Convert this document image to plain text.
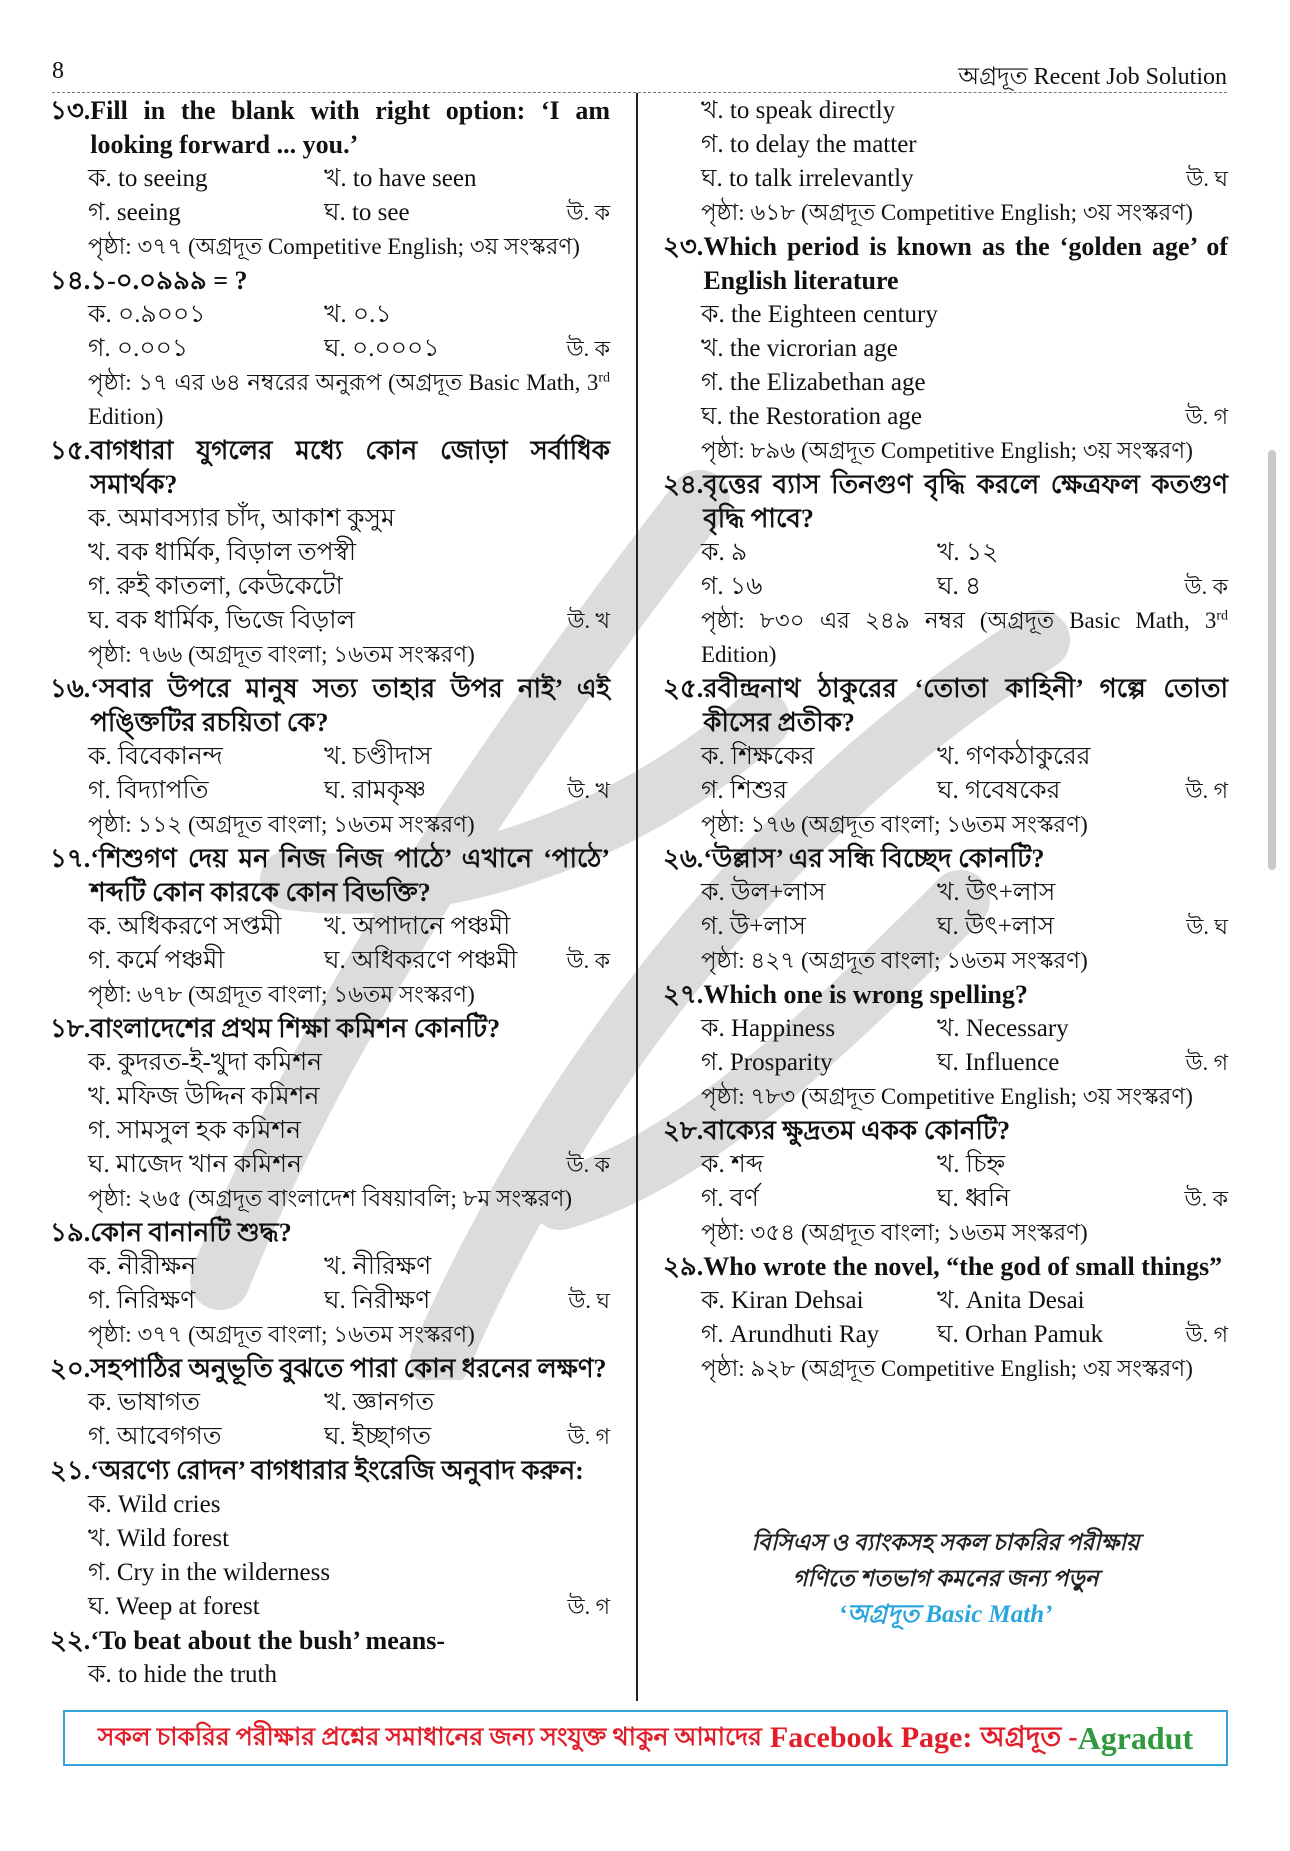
8	অগ্রদূত Recent Job Solution
১৩. Fill in the blank with right option: ‘I am looking forward ... you.’
ক. to seeing	খ. to have seen
গ. seeing	ঘ. to see	উ. ক
পৃষ্ঠা: ৩৭৭ (অগ্রদূত Competitive English; ৩য় সংস্করণ)
১৪. ১-০.০৯৯৯ = ?
ক. ০.৯০০১	খ. ০.১
গ. ০.০০১	ঘ. ০.০০০১	উ. ক
পৃষ্ঠা: ১৭ এর ৬৪ নম্বরের অনুরূপ (অগ্রদূত Basic Math, 3rd Edition)
১৫. বাগধারা যুগলের মধ্যে কোন জোড়া সর্বাধিক সমার্থক?
ক. অমাবস্যার চাঁদ, আকাশ কুসুম
খ. বক ধার্মিক, বিড়াল তপস্বী
গ. রুই কাতলা, কেউকেটো
ঘ. বক ধার্মিক, ভিজে বিড়াল	উ. খ
পৃষ্ঠা: ৭৬৬ (অগ্রদূত বাংলা; ১৬তম সংস্করণ)
১৬. ‘সবার উপরে মানুষ সত্য তাহার উপর নাই’ এই পঙ্ক্তিটির রচয়িতা কে?
ক. বিবেকানন্দ	খ. চণ্ডীদাস
গ. বিদ্যাপতি	ঘ. রামকৃষ্ণ	উ. খ
পৃষ্ঠা: ১১২ (অগ্রদূত বাংলা; ১৬তম সংস্করণ)
১৭. ‘শিশুগণ দেয় মন নিজ নিজ পাঠে’ এখানে ‘পাঠে’ শব্দটি কোন কারকে কোন বিভক্তি?
ক. অধিকরণে সপ্তমী	খ. অপাদানে পঞ্চমী
গ. কর্মে পঞ্চমী	ঘ. অধিকরণে পঞ্চমী	উ. ক
পৃষ্ঠা: ৬৭৮ (অগ্রদূত বাংলা; ১৬তম সংস্করণ)
১৮. বাংলাদেশের প্রথম শিক্ষা কমিশন কোনটি?
ক. কুদরত-ই-খুদা কমিশন
খ. মফিজ উদ্দিন কমিশন
গ. সামসুল হক কমিশন
ঘ. মাজেদ খান কমিশন	উ. ক
পৃষ্ঠা: ২৬৫ (অগ্রদূত বাংলাদেশ বিষয়াবলি; ৮ম সংস্করণ)
১৯. কোন বানানটি শুদ্ধ?
ক. নীরীক্ষন	খ. নীরিক্ষণ
গ. নিরিক্ষণ	ঘ. নিরীক্ষণ	উ. ঘ
পৃষ্ঠা: ৩৭৭ (অগ্রদূত বাংলা; ১৬তম সংস্করণ)
২০. সহপাঠির অনুভূতি বুঝতে পারা কোন ধরনের লক্ষণ?
ক. ভাষাগত	খ. জ্ঞানগত
গ. আবেগগত	ঘ. ইচ্ছাগত	উ. গ
২১. ‘অরণ্যে রোদন’ বাগধারার ইংরেজি অনুবাদ করুন:
ক. Wild cries
খ. Wild forest
গ. Cry in the wilderness
ঘ. Weep at forest	উ. গ
২২. ‘To beat about the bush’ means-
ক. to hide the truth
খ. to speak directly
গ. to delay the matter
ঘ. to talk irrelevantly	উ. ঘ
পৃষ্ঠা: ৬১৮ (অগ্রদূত Competitive English; ৩য় সংস্করণ)
২৩. Which period is known as the ‘golden age’ of English literature
ক. the Eighteen century
খ. the vicrorian age
গ. the Elizabethan age
ঘ. the Restoration age	উ. গ
পৃষ্ঠা: ৮৯৬ (অগ্রদূত Competitive English; ৩য় সংস্করণ)
২৪. বৃত্তের ব্যাস তিনগুণ বৃদ্ধি করলে ক্ষেত্রফল কতগুণ বৃদ্ধি পাবে?
ক. ৯	খ. ১২
গ. ১৬	ঘ. ৪	উ. ক
পৃষ্ঠা: ৮৩০ এর ২৪৯ নম্বর (অগ্রদূত Basic Math, 3rd Edition)
২৫. রবীন্দ্রনাথ ঠাকুরের ‘তোতা কাহিনী’ গল্পে তোতা কীসের প্রতীক?
ক. শিক্ষকের	খ. গণকঠাকুরের
গ. শিশুর	ঘ. গবেষকের	উ. গ
পৃষ্ঠা: ১৭৬ (অগ্রদূত বাংলা; ১৬তম সংস্করণ)
২৬. ‘উল্লাস’ এর সন্ধি বিচ্ছেদ কোনটি?
ক. উল+লাস	খ. উৎ+লাস
গ. উ+লাস	ঘ. উৎ+লাস	উ. ঘ
পৃষ্ঠা: ৪২৭ (অগ্রদূত বাংলা; ১৬তম সংস্করণ)
২৭. Which one is wrong spelling?
ক. Happiness	খ. Necessary
গ. Prosparity	ঘ. Influence	উ. গ
পৃষ্ঠা: ৭৮৩ (অগ্রদূত Competitive English; ৩য় সংস্করণ)
২৮. বাক্যের ক্ষুদ্রতম একক কোনটি?
ক. শব্দ	খ. চিহ্ন
গ. বর্ণ	ঘ. ধ্বনি	উ. ক
পৃষ্ঠা: ৩৫৪ (অগ্রদূত বাংলা; ১৬তম সংস্করণ)
২৯. Who wrote the novel, “the god of small things”
ক. Kiran Dehsai	খ. Anita Desai
গ. Arundhuti Ray	ঘ. Orhan Pamuk	উ. গ
পৃষ্ঠা: ৯২৮ (অগ্রদূত Competitive English; ৩য় সংস্করণ)
বিসিএস ও ব্যাংকসহ সকল চাকরির পরীক্ষায়
গণিতে শতভাগ কমনের জন্য পড়ুন
‘অগ্রদূত Basic Math’
সকল চাকরির পরীক্ষার প্রশ্নের সমাধানের জন্য সংযুক্ত থাকুন আমাদের Facebook Page: অগ্রদূত - Agradut
